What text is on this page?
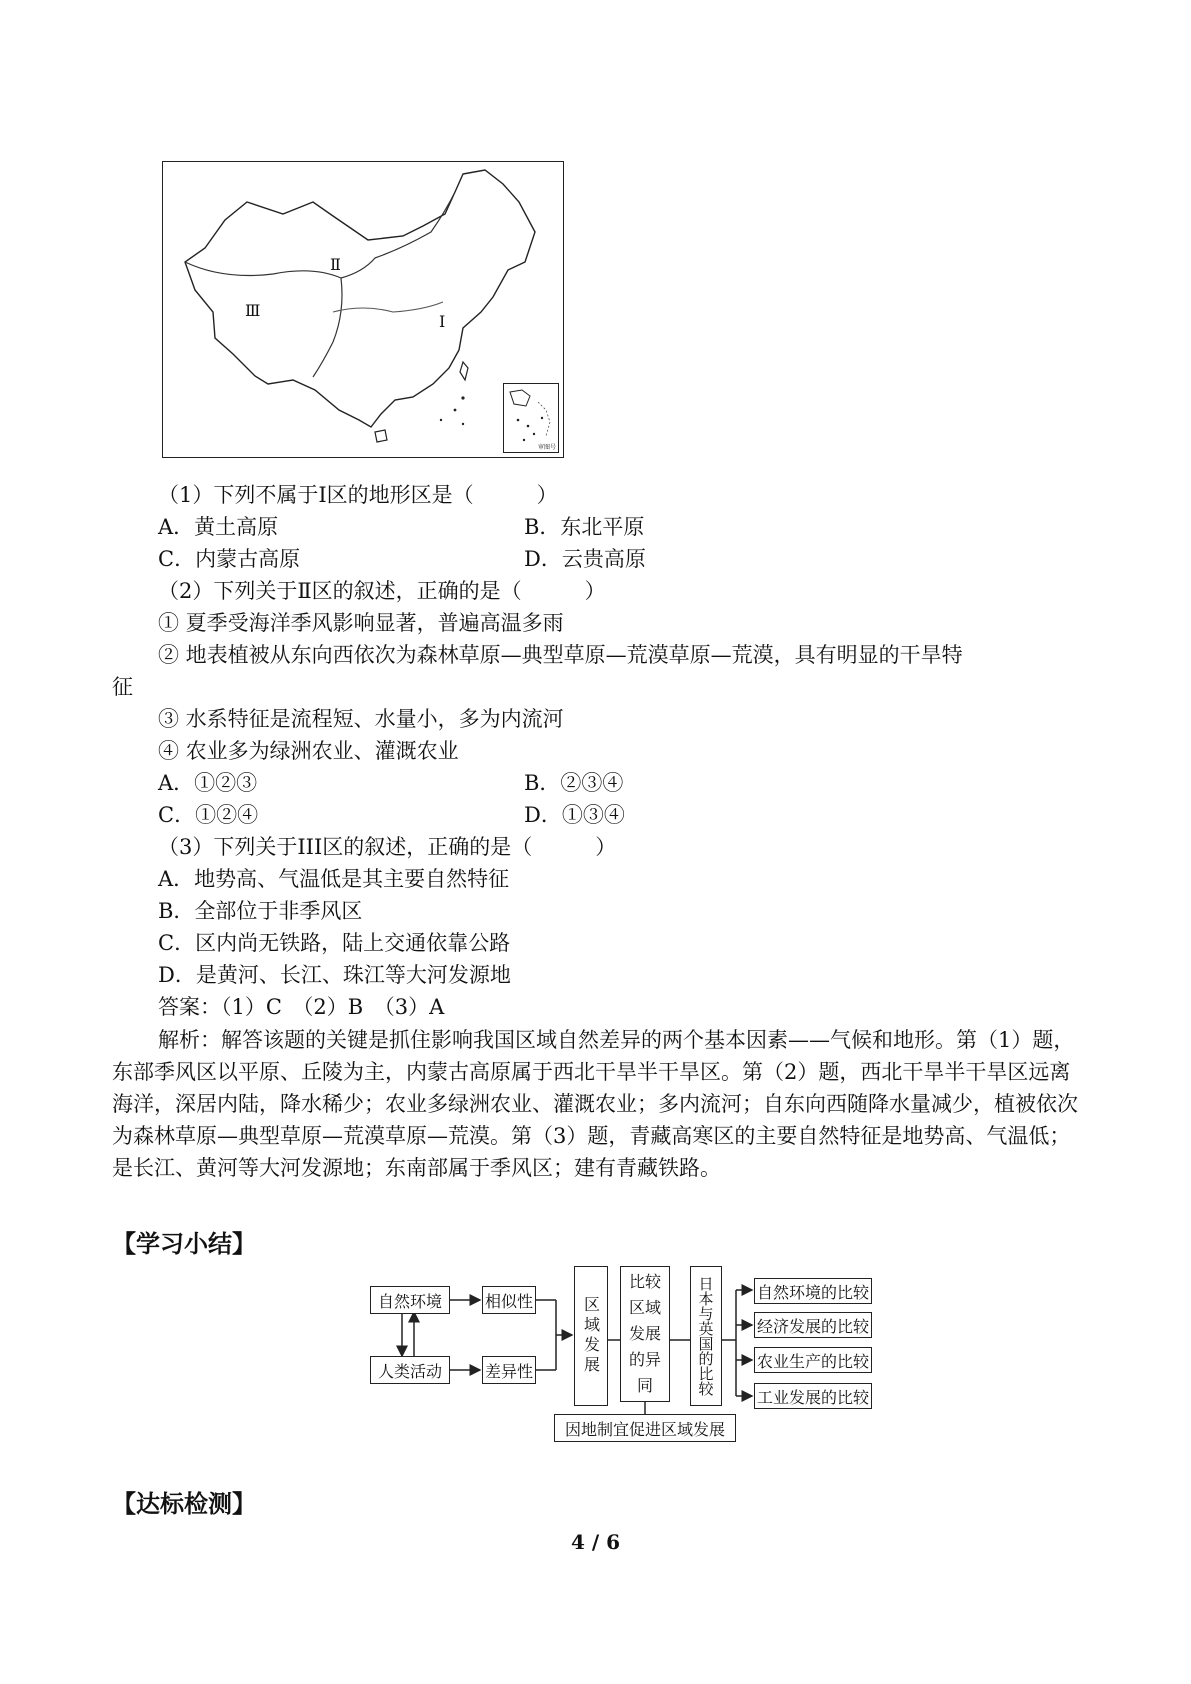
Ⅱ
Ⅲ
Ⅰ
审图号
（1）下列不属于Ⅰ区的地形区是（　　　）
A．黄土高原	B．东北平原
C．内蒙古高原	D．云贵高原
（2）下列关于Ⅱ区的叙述，正确的是（　　　）
① 夏季受海洋季风影响显著，普遍高温多雨
② 地表植被从东向西依次为森林草原—典型草原—荒漠草原—荒漠，具有明显的干旱特
征
③ 水系特征是流程短、水量小，多为内流河
④ 农业多为绿洲农业、灌溉农业
A．①②③	B．②③④
C．①②④	D．①③④
（3）下列关于III区的叙述，正确的是（　　　）
A．地势高、气温低是其主要自然特征
B．全部位于非季风区
C．区内尚无铁路，陆上交通依靠公路
D．是黄河、长江、珠江等大河发源地
答案：（1）C　（2）B　（3）A
解析：解答该题的关键是抓住影响我国区域自然差异的两个基本因素——气候和地形。第（1）题，东部季风区以平原、丘陵为主，内蒙古高原属于西北干旱半干旱区。第（2）题，西北干旱半干旱区远离海洋，深居内陆，降水稀少；农业多绿洲农业、灌溉农业；多内流河；自东向西随降水量减少，植被依次为森林草原—典型草原—荒漠草原—荒漠。第（3）题，青藏高寒区的主要自然特征是地势高、气温低；是长江、黄河等大河发源地；东南部属于季风区；建有青藏铁路。
【学习小结】
自然环境
人类活动
相似性
差异性	区域发展
比较区域发展的异同	日本与英国的比较	自然环境的比较
经济发展的比较
农业生产的比较
工业发展的比较
因地制宜促进区域发展
【达标检测】
4 / 6
